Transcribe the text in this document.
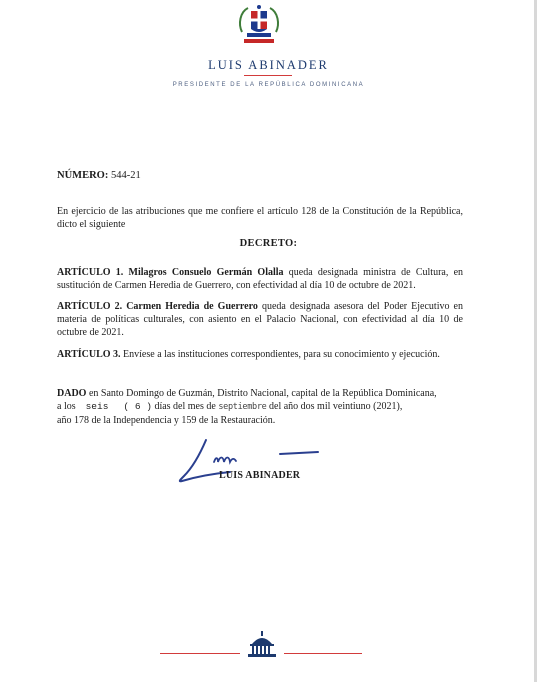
LUIS ABINADER
PRESIDENTE DE LA REPÚBLICA DOMINICANA
NÚMERO: 544-21
En ejercicio de las atribuciones que me confiere el artículo 128 de la Constitución de la República, dicto el siguiente
DECRETO:
ARTÍCULO 1. Milagros Consuelo Germán Olalla queda designada ministra de Cultura, en sustitución de Carmen Heredia de Guerrero, con efectividad al día 10 de octubre de 2021.
ARTÍCULO 2. Carmen Heredia de Guerrero queda designada asesora del Poder Ejecutivo en materia de políticas culturales, con asiento en el Palacio Nacional, con efectividad al día 10 de octubre de 2021.
ARTÍCULO 3. Envíese a las instituciones correspondientes, para su conocimiento y ejecución.
DADO en Santo Domingo de Guzmán, Distrito Nacional, capital de la República Dominicana,
a los seis ( 6 ) días del mes de septiembre del año dos mil veintiuno (2021),
año 178 de la Independencia y 159 de la Restauración.
LUIS ABINADER
